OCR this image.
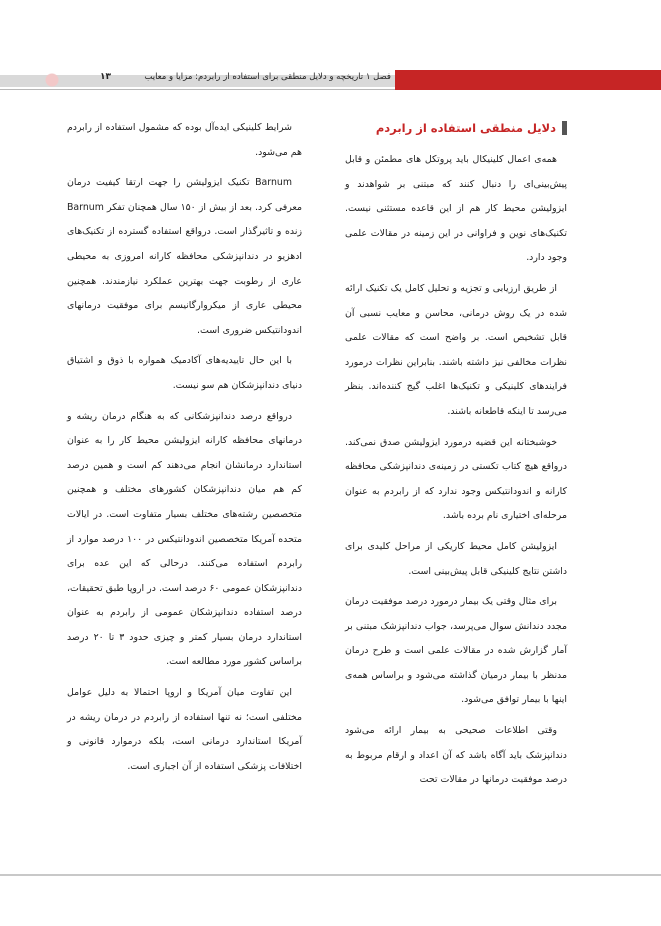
فصل ۱ تاریخچه و دلایل منطقی برای استفاده از رابردم: مزایا و معایب
۱۳
دلایل منطقی استفاده از رابردم

همه‌ی اعمال کلینیکال باید پروتکل های مطمئن و قابل پیش‌بینی‌ای را دنبال کنند که مبتنی بر شواهدند و ایزولیشن محیط کار هم از این قاعده مستثنی نیست. تکنیک‌های نوین و فراوانی در این زمینه در مقالات علمی وجود دارد.

از طریق ارزیابی و تجزیه و تحلیل کامل یک تکنیک ارائه شده در یک روش درمانی، محاسن و معایب نسبی آن قابل تشخیص است. بر واضح است که مقالات علمی نظرات مخالفی نیز داشته باشند. بنابراین نظرات درمورد فرایندهای کلینیکی و تکنیک‌ها اغلب گیج کننده‌اند. بنظر می‌رسد تا اینکه قاطعانه باشند.

خوشبختانه این قضیه درمورد ایزولیشن صدق نمی‌کند. درواقع هیچ کتاب تکستی در زمینه‌ی دندانپزشکی محافظه کارانه و اندودانتیکس وجود ندارد که از رابردم به عنوان مرحله‌ای اختیاری نام برده باشد.

ایزولیشن کامل محیط کاریکی از مراحل کلیدی برای داشتن نتایج کلینیکی قابل پیش‌بینی است.

برای مثال وقتی یک بیمار درمورد درصد موفقیت درمان مجدد دندانش سوال می‌پرسد، جواب دندانپزشک مبتنی بر آمار گزارش شده در مقالات علمی است و طرح درمان مدنظر با بیمار درمیان گذاشته می‌شود و براساس همه‌ی اینها با بیمار توافق می‌شود.

وقتی اطلاعات صحیحی به بیمار ارائه می‌شود دندانپزشک باید آگاه باشد که آن اعداد و ارقام مربوط به درصد موفقیت درمانها در مقالات تحت

شرایط کلینیکی ایده‌آل بوده که مشمول استفاده از رابردم هم می‌شود.

Barnum تکنیک ایزولیشن را جهت ارتقا کیفیت درمان معرفی کرد. بعد از بیش از ۱۵۰ سال همچنان تفکر Barnum زنده و تاثیرگذار است. درواقع استفاده گسترده از تکنیک‌های ادهزیو در دندانپزشکی محافظه کارانه امروزی به محیطی عاری از رطوبت جهت بهترین عملکرد نیازمندند. همچنین محیطی عاری از میکروارگانیسم برای موفقیت درمانهای اندودانتیکس ضروری است.

با این حال تاییدیه‌های آکادمیک همواره با ذوق و اشتیاق دنیای دندانپزشکان هم سو نیست.

درواقع درصد دندانپزشکانی که به هنگام درمان ریشه و درمانهای محافظه کارانه ایزولیشن محیط کار را به عنوان استاندارد درمانشان انجام می‌دهند کم است و همین درصد کم هم میان دندانپزشکان کشورهای مختلف و همچنین متخصصین رشته‌های مختلف بسیار متفاوت است. در ایالات متحده آمریکا متخصصین اندودانتیکس در ۱۰۰ درصد موارد از رابردم استفاده می‌کنند. درحالی که این عده برای دندانپزشکان عمومی ۶۰ درصد است. در اروپا طبق تحقیقات، درصد استفاده دندانپزشکان عمومی از رابردم به عنوان استاندارد درمان بسیار کمتر و چیزی حدود ۳ تا ۲۰ درصد براساس کشور مورد مطالعه است.

این تفاوت میان آمریکا و اروپا احتمالا به دلیل عوامل مختلفی است؛ نه تنها استفاده از رابردم در درمان ریشه در آمریکا استاندارد درمانی است، بلکه درموارد قانونی و اختلافات پزشکی استفاده از آن اجباری است.
